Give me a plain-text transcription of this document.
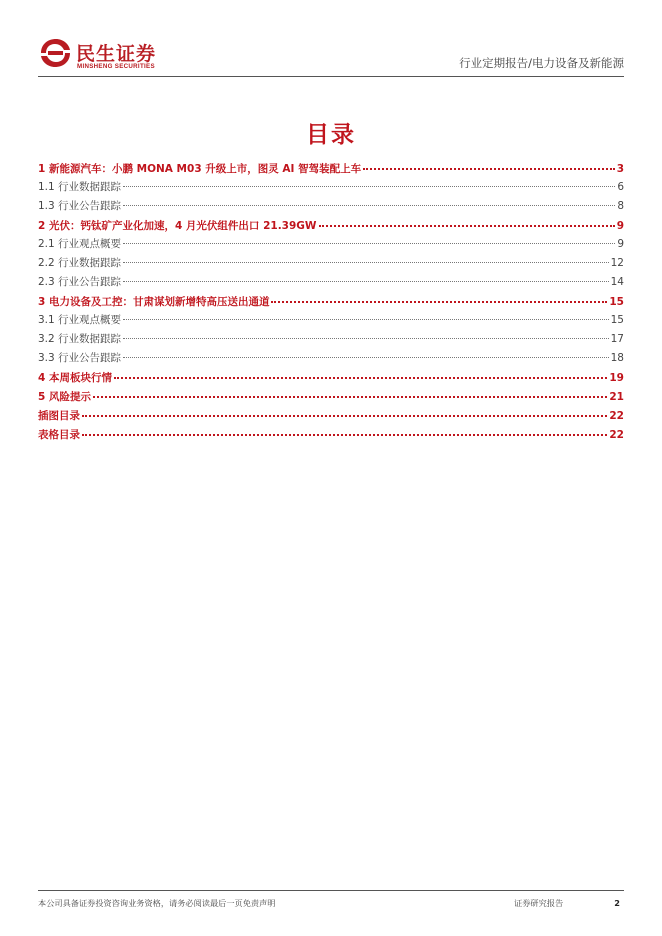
民生证券
MINSHENG SECURITIES	行业定期报告/电力设备及新能源
目录
1 新能源汽车：小鹏 MONA M03 升级上市，图灵 AI 智驾装配上车	3
1.1 行业数据跟踪	6
1.3 行业公告跟踪	8
2 光伏：钙钛矿产业化加速，4 月光伏组件出口 21.39GW	9
2.1 行业观点概要	9
2.2 行业数据跟踪	12
2.3 行业公告跟踪	14
3 电力设备及工控：甘肃谋划新增特高压送出通道	15
3.1 行业观点概要	15
3.2 行业数据跟踪	17
3.3 行业公告跟踪	18
4 本周板块行情	19
5 风险提示	21
插图目录	22
表格目录	22
本公司具备证券投资咨询业务资格，请务必阅读最后一页免责声明	证券研究报告	2
